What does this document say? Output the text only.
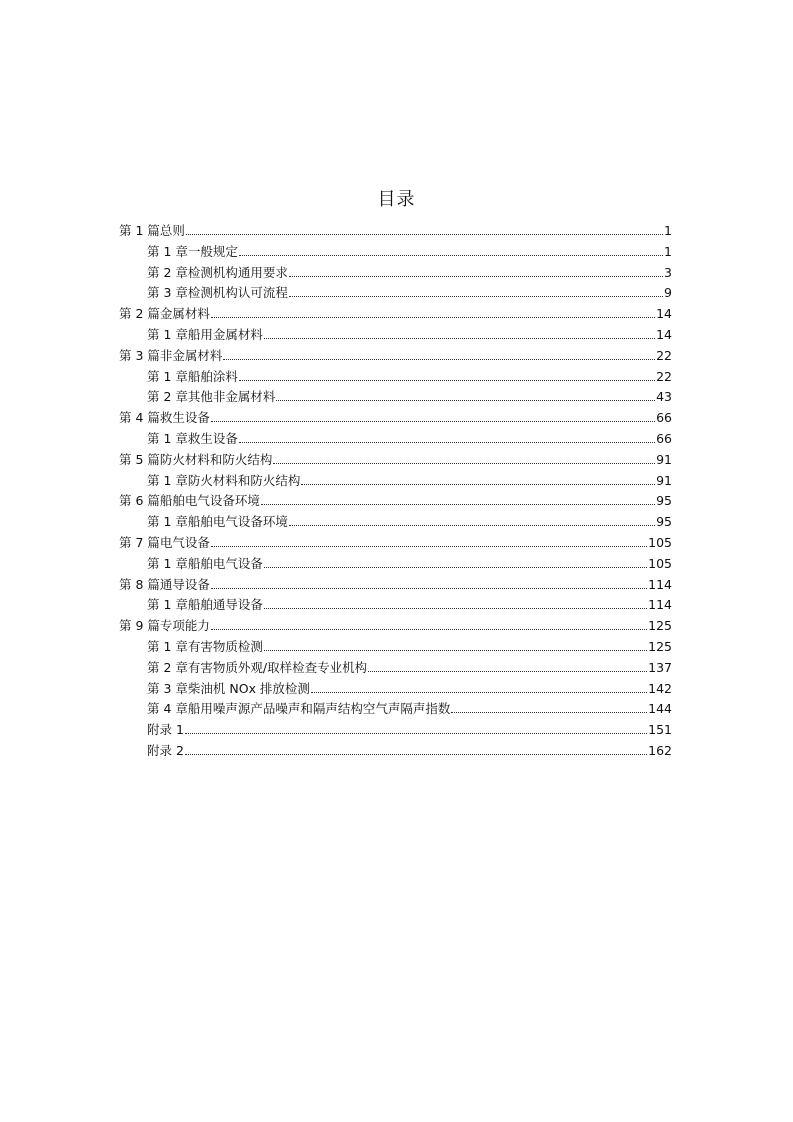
目录
第 1 篇总则	1
第 1 章一般规定	1
第 2 章检测机构通用要求	3
第 3 章检测机构认可流程	9
第 2 篇金属材料	14
第 1 章船用金属材料	14
第 3 篇非金属材料	22
第 1 章船舶涂料	22
第 2 章其他非金属材料	43
第 4 篇救生设备	66
第 1 章救生设备	66
第 5 篇防火材料和防火结构	91
第 1 章防火材料和防火结构	91
第 6 篇船舶电气设备环境	95
第 1 章船舶电气设备环境	95
第 7 篇电气设备	105
第 1 章船舶电气设备	105
第 8 篇通导设备	114
第 1 章船舶通导设备	114
第 9 篇专项能力	125
第 1 章有害物质检测	125
第 2 章有害物质外观/取样检查专业机构	137
第 3 章柴油机 NOx 排放检测	142
第 4 章船用噪声源产品噪声和隔声结构空气声隔声指数	144
附录 1	151
附录 2	162
